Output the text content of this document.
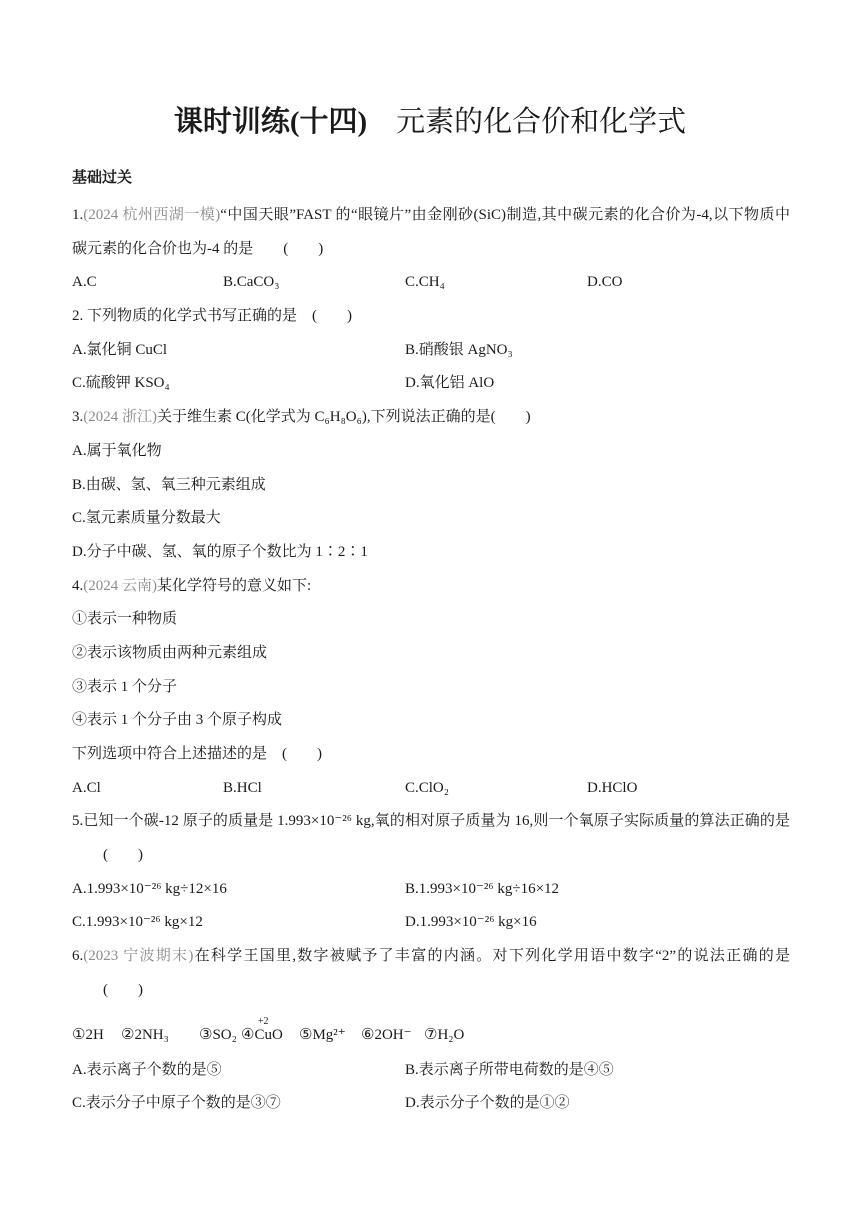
课时训练(十四) 元素的化合价和化学式
基础过关
1.(2024 杭州西湖一模)“中国天眼”FAST 的“眼镜片”由金刚砂(SiC)制造,其中碳元素的化合价为-4,以下物质中
碳元素的化合价也为-4 的是　　(　　)
A.C	B.CaCO₃	C.CH₄	D.CO
2. 下列物质的化学式书写正确的是　(　　)
A.氯化铜 CuCl	B.硝酸银 AgNO₃
C.硫酸钾 KSO₄	D.氧化铝 AlO
3.(2024 浙江)关于维生素 C(化学式为 C₆H₈O₆),下列说法正确的是(　　)
A.属于氧化物
B.由碳、氢、氧三种元素组成
C.氢元素质量分数最大
D.分子中碳、氢、氧的原子个数比为 1∶2∶1
4.(2024 云南)某化学符号的意义如下:
①表示一种物质
②表示该物质由两种元素组成
③表示 1 个分子
④表示 1 个分子由 3 个原子构成
下列选项中符合上述描述的是　(　　)
A.Cl	B.HCl	C.ClO₂	D.HClO
5.已知一个碳-12 原子的质量是 1.993×10⁻²⁶ kg,氧的相对原子质量为 16,则一个氧原子实际质量的算法正确的是
(　　)
A.1.993×10⁻²⁶ kg÷12×16	B.1.993×10⁻²⁶ kg÷16×12
C.1.993×10⁻²⁶ kg×12	D.1.993×10⁻²⁶ kg×16
6.(2023 宁波期末)在科学王国里,数字被赋予了丰富的内涵。对下列化学用语中数字“2”的说法正确的是
(　　)
①2H ②2NH₃ ③SO₂ ④
+2
CuO ⑤Mg²⁺ ⑥2OH⁻ ⑦H₂O
A.表示离子个数的是⑤	B.表示离子所带电荷数的是④⑤
C.表示分子中原子个数的是③⑦	D.表示分子个数的是①②
